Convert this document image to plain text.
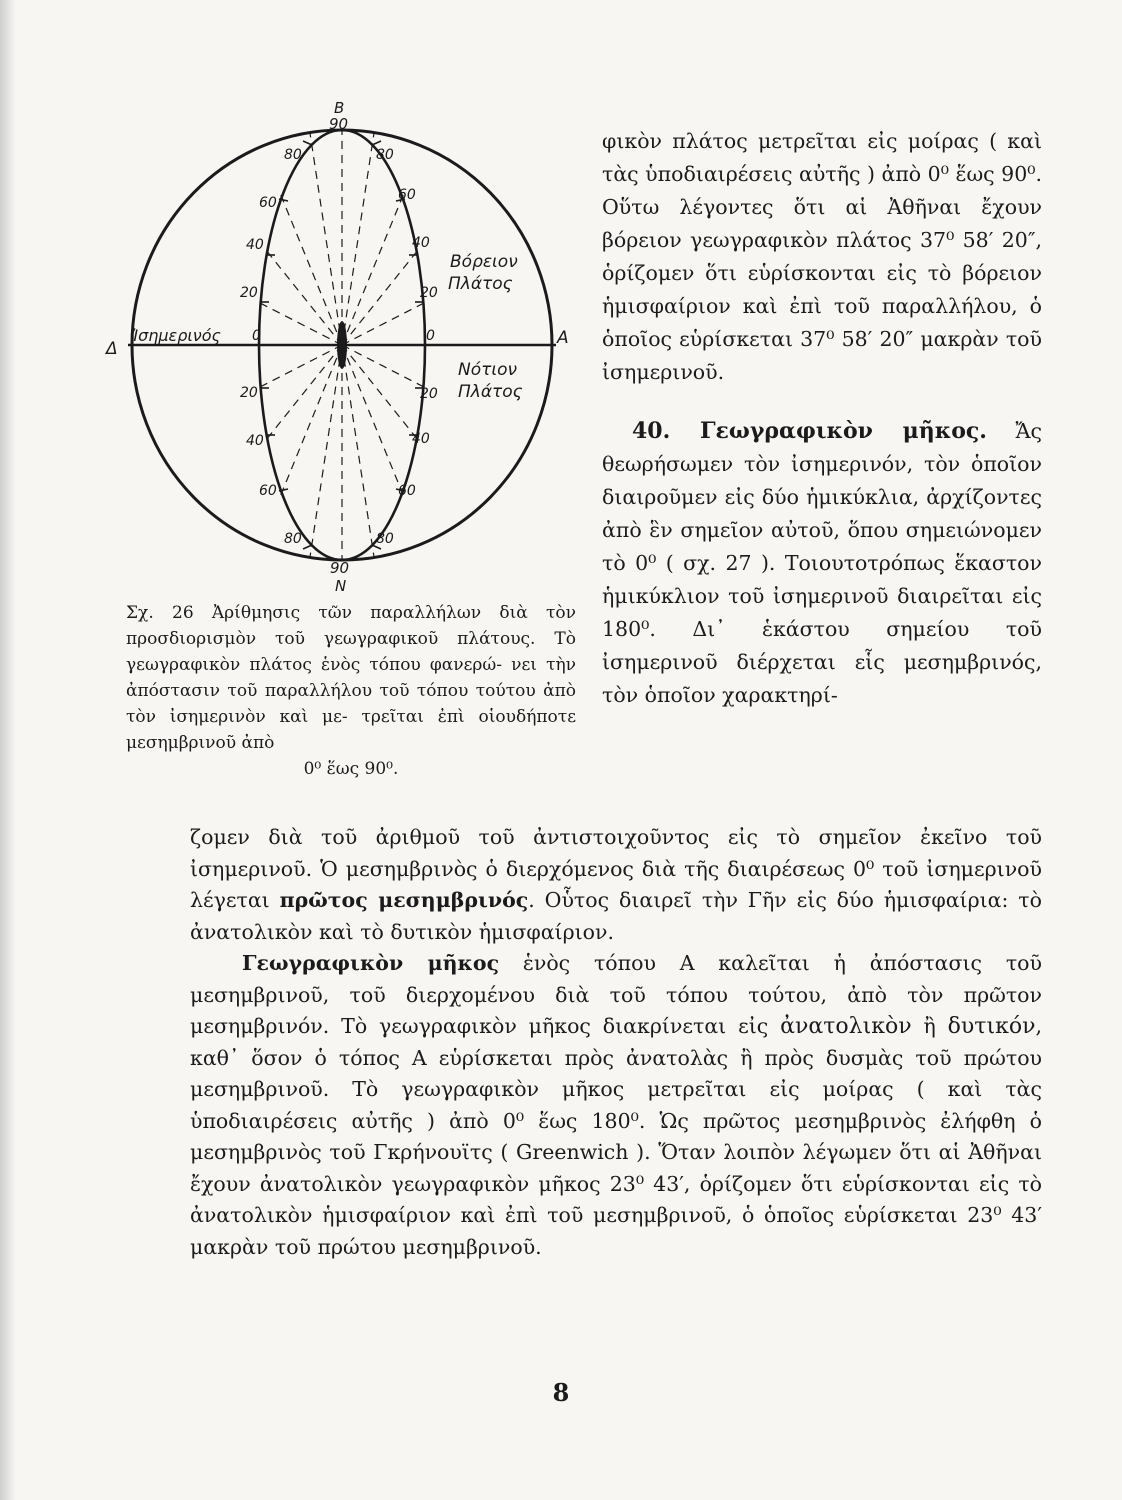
B
90
90
N
Δ
Α
Ἰσημερινός 0	0
Βόρειον
Πλάτος
Νότιον
Πλάτος
80	80
60	60
40	40
20	20
20	20
40	40
60	60
80	80
Σχ. 26 Ἀρίθμησις τῶν παραλλήλων διὰ τὸν προσδιορισμὸν τοῦ γεωγραφικοῦ πλάτους. Τὸ γεωγραφικὸν πλάτος ἑνὸς τόπου φανερώ- νει τὴν ἀπόστασιν τοῦ παραλλήλου τοῦ τόπου τούτου ἀπὸ τὸν ἰσημερινὸν καὶ με- τρεῖται ἐπὶ οἱουδήποτε μεσημβρινοῦ ἀπὸ
0⁰ ἕως 90⁰.

φικὸν πλάτος μετρεῖται εἰς μοίρας ( καὶ τὰς ὑποδιαιρέσεις αὐτῆς ) ἀπὸ 0⁰ ἕως 90⁰. Οὕτω λέγοντες ὅτι αἱ Ἀθῆναι ἔχουν βόρειον γεωγραφικὸν πλάτος 37⁰ 58′ 20″, ὁρίζομεν ὅτι εὑρίσκονται εἰς τὸ βόρειον ἡμισφαίριον καὶ ἐπὶ τοῦ παραλλήλου, ὁ ὁποῖος εὑρίσκεται 37⁰ 58′ 20″ μακρὰν τοῦ ἰσημερινοῦ.

40. Γεωγραφικὸν μῆκος. Ἄς θεωρήσωμεν τὸν ἰσημερινόν, τὸν ὁποῖον διαιροῦμεν εἰς δύο ἡμικύκλια, ἀρχίζοντες ἀπὸ ἓν σημεῖον αὐτοῦ, ὅπου σημειώνομεν τὸ 0⁰ ( σχ. 27 ). Τοιουτοτρόπως ἕκαστον ἡμικύκλιον τοῦ ἰσημερινοῦ διαιρεῖται εἰς 180⁰. Δι᾽ ἑκάστου σημείου τοῦ ἰσημερινοῦ διέρχεται εἷς μεσημβρινός, τὸν ὁποῖον χαρακτηρί-

ζομεν διὰ τοῦ ἀριθμοῦ τοῦ ἀντιστοιχοῦντος εἰς τὸ σημεῖον ἐκεῖνο τοῦ ἰσημερινοῦ. Ὁ μεσημβρινὸς ὁ διερχόμενος διὰ τῆς διαιρέσεως 0⁰ τοῦ ἰσημερινοῦ λέγεται πρῶτος μεσημβρινός. Οὗτος διαιρεῖ τὴν Γῆν εἰς δύο ἡμισφαίρια: τὸ ἀνατολικὸν καὶ τὸ δυτικὸν ἡμισφαίριον.

Γεωγραφικὸν μῆκος ἑνὸς τόπου Α καλεῖται ἡ ἀπόστασις τοῦ μεσημβρινοῦ, τοῦ διερχομένου διὰ τοῦ τόπου τούτου, ἀπὸ τὸν πρῶτον μεσημβρινόν. Τὸ γεωγραφικὸν μῆκος διακρίνεται εἰς ἀνατολικὸν ἢ δυτικόν, καθ᾽ ὅσον ὁ τόπος Α εὑρίσκεται πρὸς ἀνατολὰς ἢ πρὸς δυσμὰς τοῦ πρώτου μεσημβρινοῦ. Τὸ γεωγραφικὸν μῆκος μετρεῖται εἰς μοίρας ( καὶ τὰς ὑποδιαιρέσεις αὐτῆς ) ἀπὸ 0⁰ ἕως 180⁰. Ὡς πρῶτος μεσημβρινὸς ἐλήφθη ὁ μεσημβρινὸς τοῦ Γκρήνουϊτς ( Greenwich ). Ὅταν λοιπὸν λέγωμεν ὅτι αἱ Ἀθῆναι ἔχουν ἀνατολικὸν γεωγραφικὸν μῆκος 23⁰ 43′, ὁρίζομεν ὅτι εὑρίσκονται εἰς τὸ ἀνατολικὸν ἡμισφαίριον καὶ ἐπὶ τοῦ μεσημβρινοῦ, ὁ ὁποῖος εὑρίσκεται 23⁰ 43′ μακρὰν τοῦ πρώτου μεσημβρινοῦ.

8
